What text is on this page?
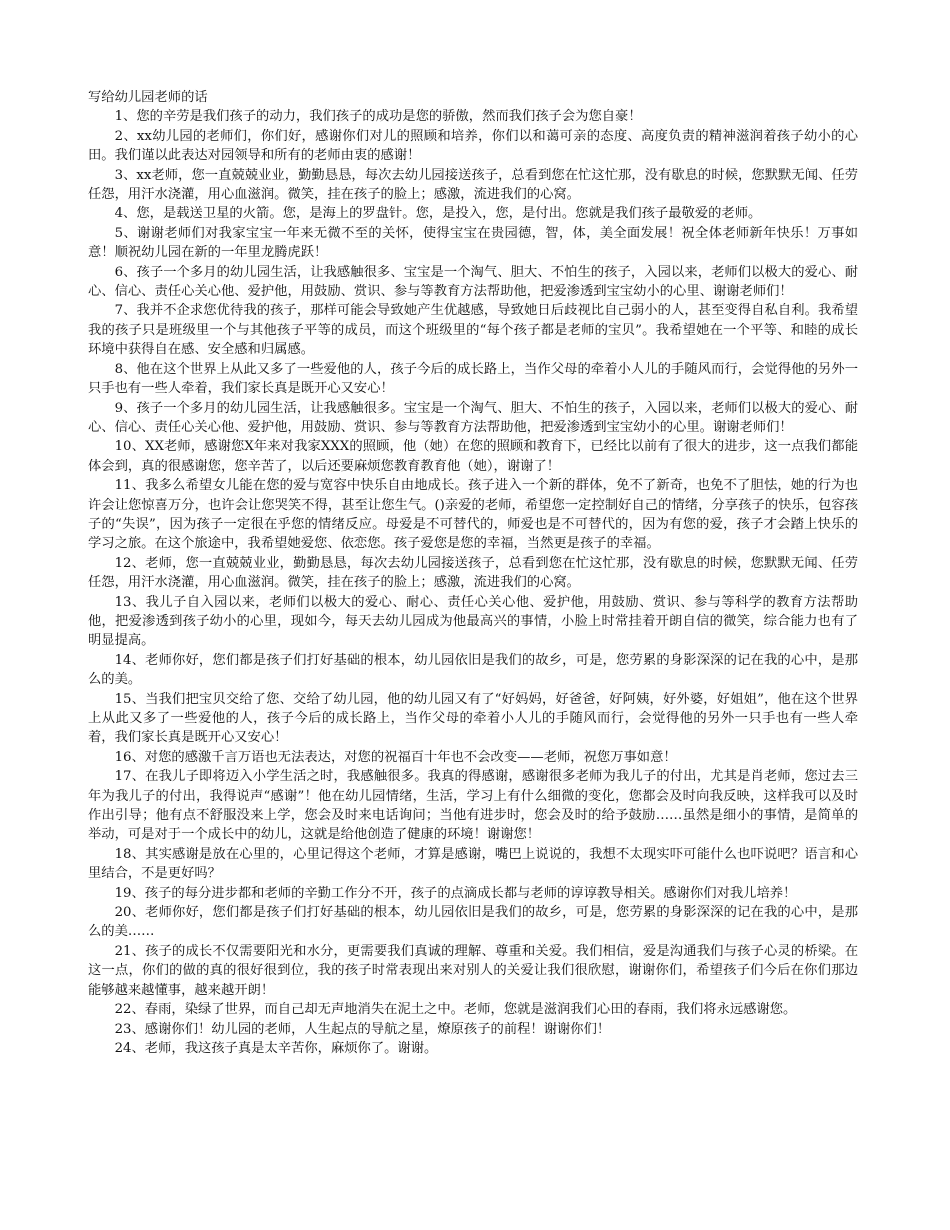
写给幼儿园老师的话

1、您的辛劳是我们孩子的动力，我们孩子的成功是您的骄傲，然而我们孩子会为您自豪！

2、xx幼儿园的老师们，你们好，感谢你们对儿的照顾和培养，你们以和蔼可亲的态度、高度负责的精神滋润着孩子幼小的心田。我们谨以此表达对园领导和所有的老师由衷的感谢！

3、xx老师，您一直兢兢业业，勤勤恳恳，每次去幼儿园接送孩子，总看到您在忙这忙那，没有歇息的时候，您默默无闻、任劳任怨，用汗水浇灌，用心血滋润。微笑，挂在孩子的脸上；感激，流进我们的心窝。

4、您，是载送卫星的火箭。您，是海上的罗盘针。您，是投入，您，是付出。您就是我们孩子最敬爱的老师。

5、谢谢老师们对我家宝宝一年来无微不至的关怀，使得宝宝在贵园德，智，体，美全面发展！祝全体老师新年快乐！万事如意！顺祝幼儿园在新的一年里龙腾虎跃！

6、孩子一个多月的幼儿园生活，让我感触很多、宝宝是一个淘气、胆大、不怕生的孩子，入园以来，老师们以极大的爱心、耐心、信心、责任心关心他、爱护他，用鼓励、赏识、参与等教育方法帮助他，把爱渗透到宝宝幼小的心里、谢谢老师们！

7、我并不企求您优待我的孩子，那样可能会导致她产生优越感，导致她日后歧视比自己弱小的人，甚至变得自私自利。我希望我的孩子只是班级里一个与其他孩子平等的成员，而这个班级里的“每个孩子都是老师的宝贝”。我希望她在一个平等、和睦的成长环境中获得自在感、安全感和归属感。

8、他在这个世界上从此又多了一些爱他的人，孩子今后的成长路上，当作父母的牵着小人儿的手随风而行，会觉得他的另外一只手也有一些人牵着，我们家长真是既开心又安心！

9、孩子一个多月的幼儿园生活，让我感触很多。宝宝是一个淘气、胆大、不怕生的孩子，入园以来，老师们以极大的爱心、耐心、信心、责任心关心他、爱护他，用鼓励、赏识、参与等教育方法帮助他，把爱渗透到宝宝幼小的心里。谢谢老师们！

10、XX老师，感谢您X年来对我家XXX的照顾，他（她）在您的照顾和教育下，已经比以前有了很大的进步，这一点我们都能体会到，真的很感谢您，您辛苦了，以后还要麻烦您教育教育他（她），谢谢了！

11、我多么希望女儿能在您的爱与宽容中快乐自由地成长。孩子进入一个新的群体，免不了新奇，也免不了胆怯，她的行为也许会让您惊喜万分，也许会让您哭笑不得，甚至让您生气。()亲爱的老师，希望您一定控制好自己的情绪，分享孩子的快乐，包容孩子的“失误”，因为孩子一定很在乎您的情绪反应。母爱是不可替代的，师爱也是不可替代的，因为有您的爱，孩子才会踏上快乐的学习之旅。在这个旅途中，我希望她爱您、依恋您。孩子爱您是您的幸福，当然更是孩子的幸福。

12、老师，您一直兢兢业业，勤勤恳恳，每次去幼儿园接送孩子，总看到您在忙这忙那，没有歇息的时候，您默默无闻、任劳任怨，用汗水浇灌，用心血滋润。微笑，挂在孩子的脸上；感激，流进我们的心窝。

13、我儿子自入园以来，老师们以极大的爱心、耐心、责任心关心他、爱护他，用鼓励、赏识、参与等科学的教育方法帮助他，把爱渗透到孩子幼小的心里，现如今，每天去幼儿园成为他最高兴的事情，小脸上时常挂着开朗自信的微笑，综合能力也有了明显提高。

14、老师你好，您们都是孩子们打好基础的根本，幼儿园依旧是我们的故乡，可是，您劳累的身影深深的记在我的心中，是那么的美。

15、当我们把宝贝交给了您、交给了幼儿园，他的幼儿园又有了“好妈妈，好爸爸，好阿姨，好外婆，好姐姐”，他在这个世界上从此又多了一些爱他的人，孩子今后的成长路上，当作父母的牵着小人儿的手随风而行，会觉得他的另外一只手也有一些人牵着，我们家长真是既开心又安心！

16、对您的感激千言万语也无法表达，对您的祝福百十年也不会改变——老师，祝您万事如意！

17、在我儿子即将迈入小学生活之时，我感触很多。我真的得感谢，感谢很多老师为我儿子的付出，尤其是肖老师，您过去三年为我儿子的付出，我得说声“感谢”！他在幼儿园情绪，生活，学习上有什么细微的变化，您都会及时向我反映，这样我可以及时作出引导；他有点不舒服没来上学，您会及时来电话询问；当他有进步时，您会及时的给予鼓励……虽然是细小的事情，是简单的举动，可是对于一个成长中的幼儿，这就是给他创造了健康的环境！谢谢您！

18、其实感谢是放在心里的，心里记得这个老师，才算是感谢，嘴巴上说说的，我想不太现实吓可能什么也吓说吧？语言和心里结合，不是更好吗？

19、孩子的每分进步都和老师的辛勤工作分不开，孩子的点滴成长都与老师的谆谆教导相关。感谢你们对我儿培养！

20、老师你好，您们都是孩子们打好基础的根本，幼儿园依旧是我们的故乡，可是，您劳累的身影深深的记在我的心中，是那么的美……

21、孩子的成长不仅需要阳光和水分，更需要我们真诚的理解、尊重和关爱。我们相信，爱是沟通我们与孩子心灵的桥梁。在这一点，你们的做的真的很好很到位，我的孩子时常表现出来对别人的关爱让我们很欣慰，谢谢你们，希望孩子们今后在你们那边能够越来越懂事，越来越开朗！

22、春雨，染绿了世界，而自己却无声地消失在泥土之中。老师，您就是滋润我们心田的春雨，我们将永远感谢您。

23、感谢你们！幼儿园的老师，人生起点的导航之星，燎原孩子的前程！谢谢你们！

24、老师，我这孩子真是太辛苦你，麻烦你了。谢谢。
